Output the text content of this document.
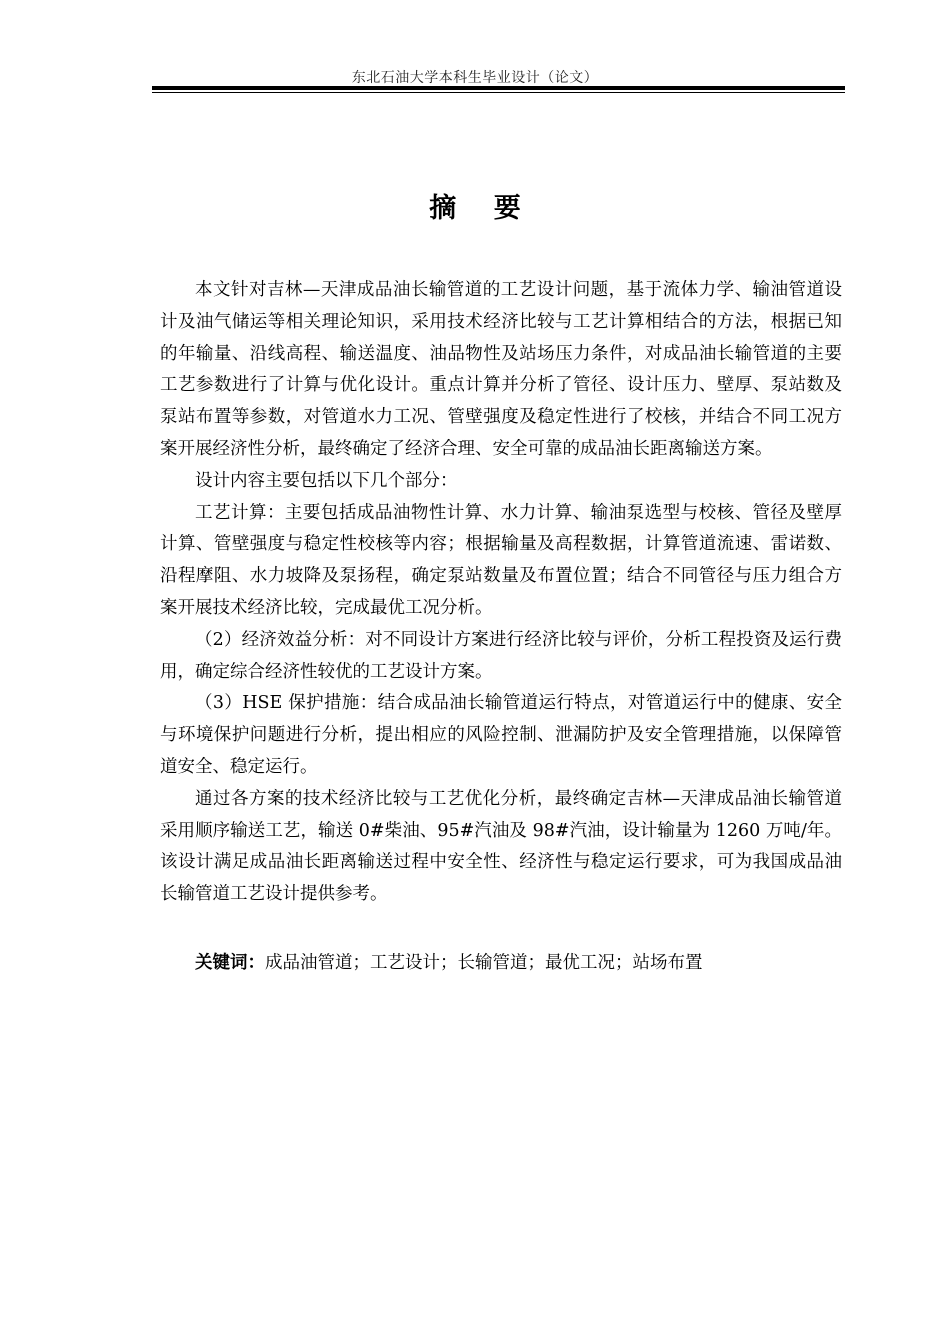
东北石油大学本科生毕业设计（论文）
摘 要

本文针对吉林—天津成品油长输管道的工艺设计问题，基于流体力学、输油管道设计及油气储运等相关理论知识，采用技术经济比较与工艺计算相结合的方法，根据已知的年输量、沿线高程、输送温度、油品物性及站场压力条件，对成品油长输管道的主要工艺参数进行了计算与优化设计。重点计算并分析了管径、设计压力、壁厚、泵站数及泵站布置等参数，对管道水力工况、管壁强度及稳定性进行了校核，并结合不同工况方案开展经济性分析，最终确定了经济合理、安全可靠的成品油长距离输送方案。

设计内容主要包括以下几个部分：

工艺计算：主要包括成品油物性计算、水力计算、输油泵选型与校核、管径及壁厚计算、管壁强度与稳定性校核等内容；根据输量及高程数据，计算管道流速、雷诺数、沿程摩阻、水力坡降及泵扬程，确定泵站数量及布置位置；结合不同管径与压力组合方案开展技术经济比较，完成最优工况分析。

（2）经济效益分析：对不同设计方案进行经济比较与评价，分析工程投资及运行费用，确定综合经济性较优的工艺设计方案。

（3）HSE 保护措施：结合成品油长输管道运行特点，对管道运行中的健康、安全与环境保护问题进行分析，提出相应的风险控制、泄漏防护及安全管理措施，以保障管道安全、稳定运行。

通过各方案的技术经济比较与工艺优化分析，最终确定吉林—天津成品油长输管道采用顺序输送工艺，输送 0#柴油、95#汽油及 98#汽油，设计输量为 1260 万吨/年。该设计满足成品油长距离输送过程中安全性、经济性与稳定运行要求，可为我国成品油长输管道工艺设计提供参考。

关键词：成品油管道；工艺设计；长输管道；最优工况；站场布置
